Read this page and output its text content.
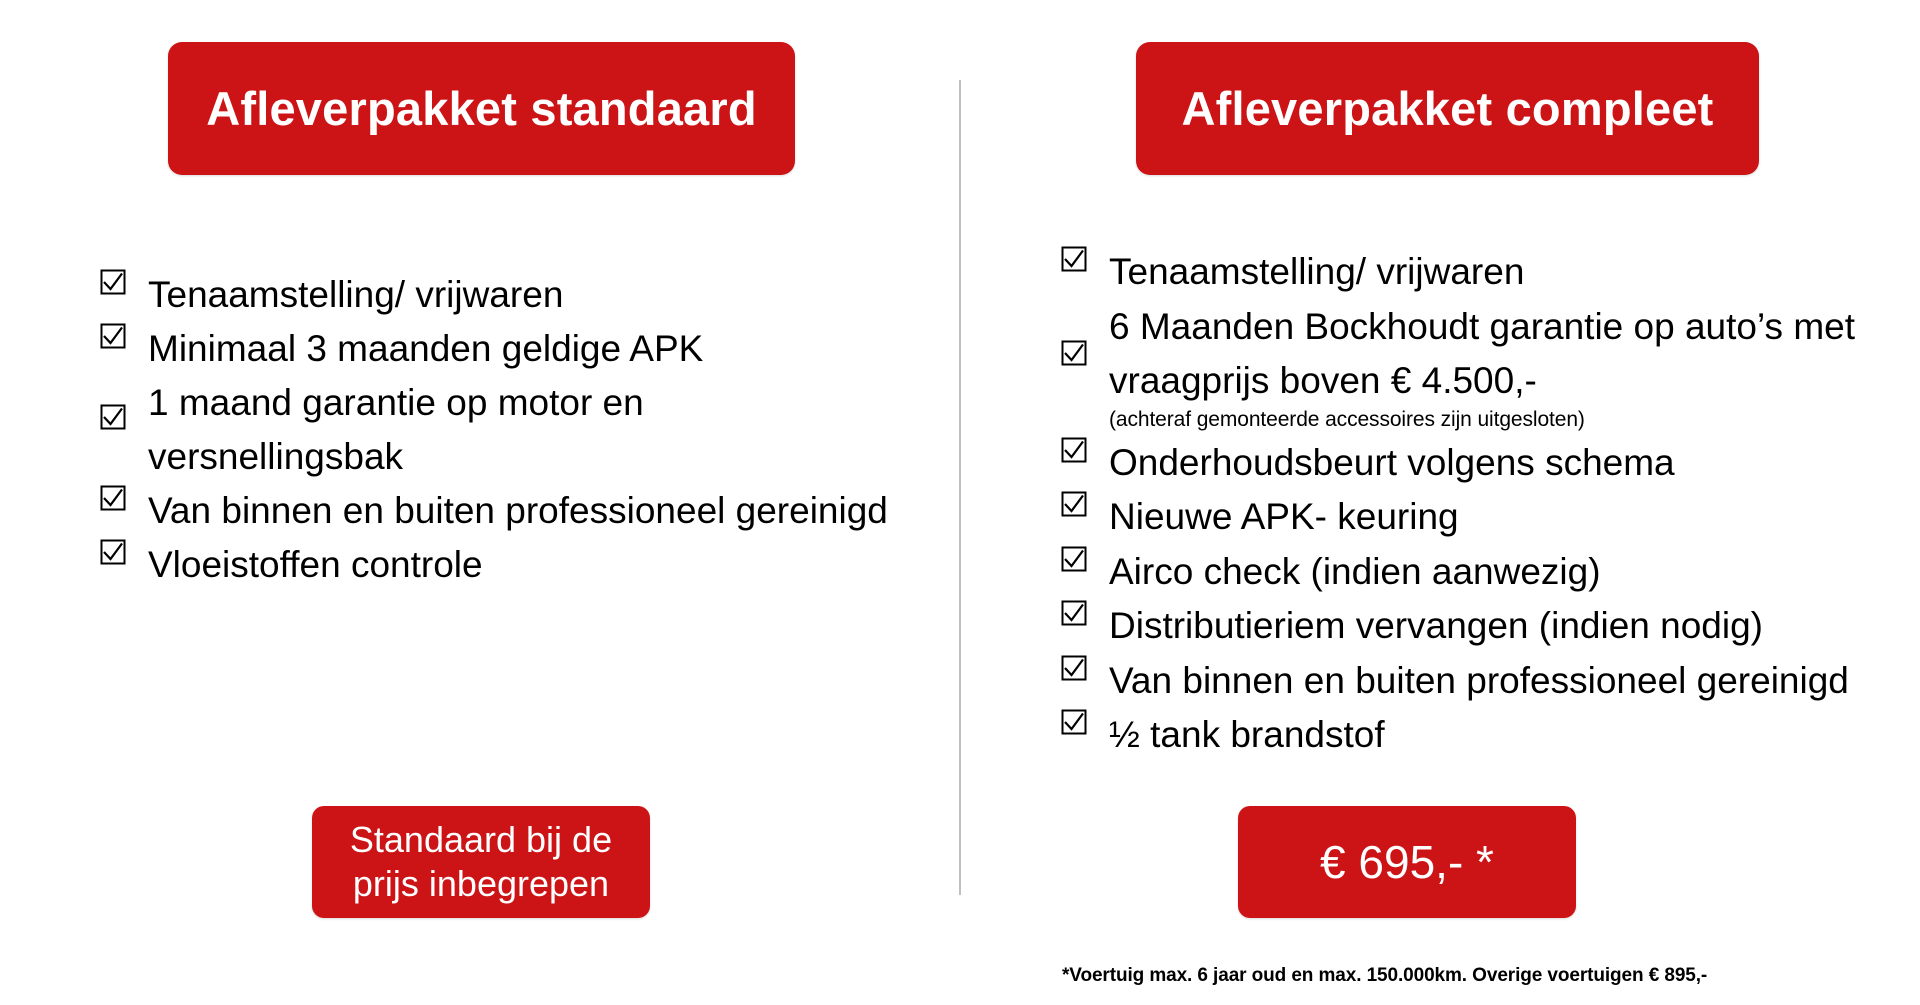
Afleverpakket standaard
Tenaamstelling/ vrijwaren
Minimaal 3 maanden geldige APK
1 maand garantie op motor en versnellingsbak
Van binnen en buiten professioneel gereinigd
Vloeistoffen controle
Standaard bij de prijs inbegrepen
Afleverpakket compleet
Tenaamstelling/ vrijwaren
6 Maanden Bockhoudt garantie op auto’s met vraagprijs boven € 4.500,-
(achteraf gemonteerde accessoires zijn uitgesloten)
Onderhoudsbeurt volgens schema
Nieuwe APK- keuring
Airco check (indien aanwezig)
Distributieriem vervangen (indien nodig)
Van binnen en buiten professioneel gereinigd
½ tank brandstof
€ 695,- *
*Voertuig max. 6 jaar oud en max. 150.000km. Overige voertuigen € 895,-
